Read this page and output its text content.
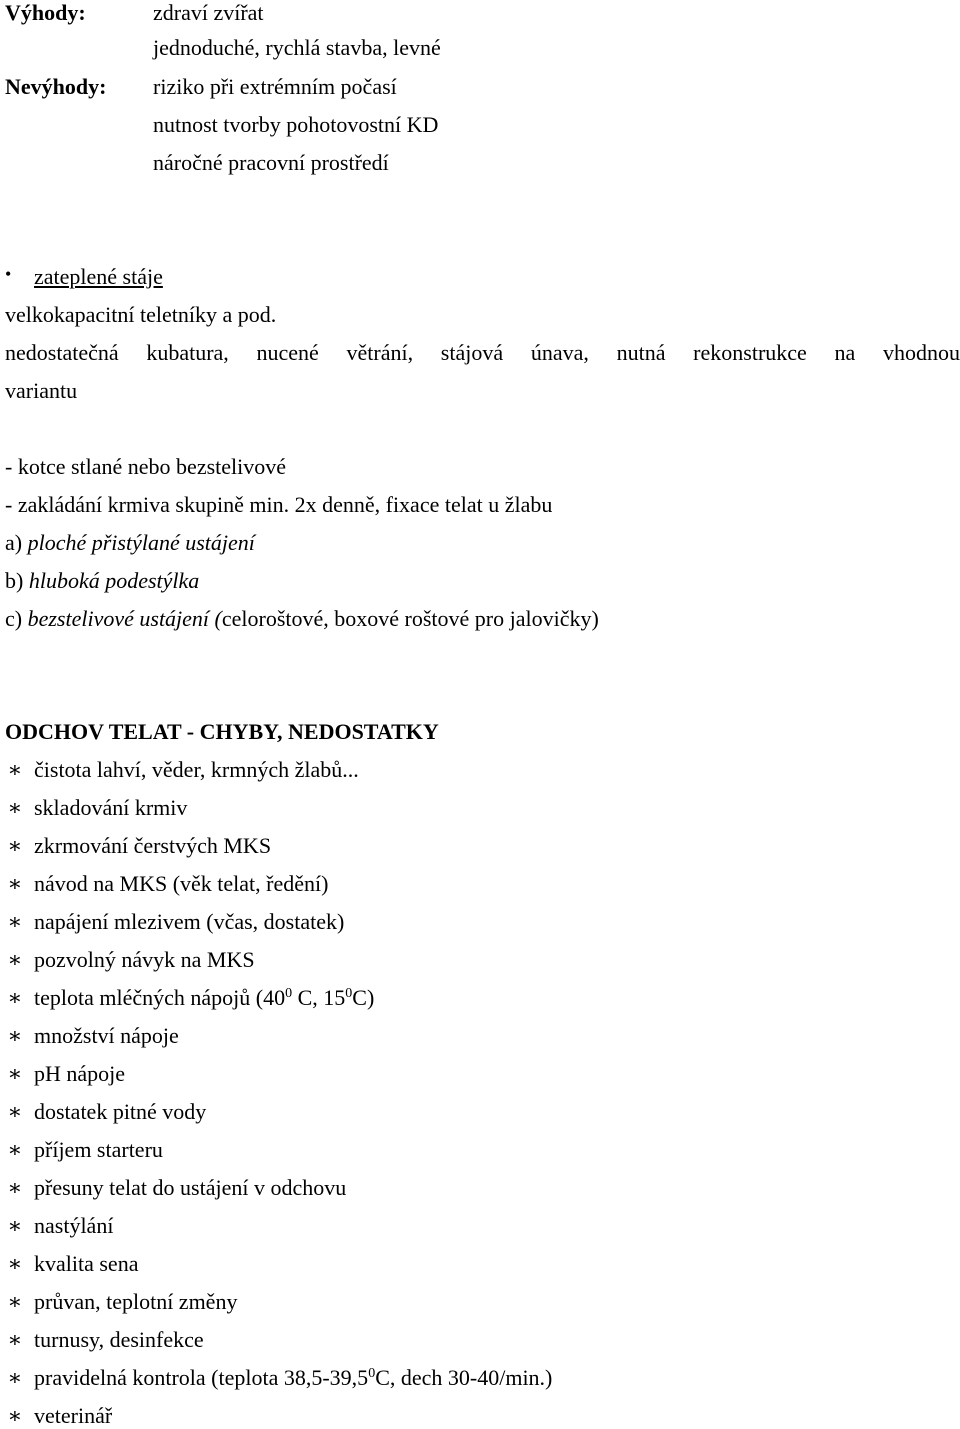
Výhody:	zdraví zvířat
jednoduché, rychlá stavba, levné
Nevýhody: riziko při extrémním počasí
nutnost tvorby pohotovostní KD
náročné pracovní prostředí
• zateplené stáje
velkokapacitní teletníky a pod.
nedostatečná kubatura, nucené větrání, stájová únava, nutná rekonstrukce na vhodnou
variantu
- kotce stlané nebo bezstelivové
- zakládání krmiva skupině min. 2x denně, fixace telat u žlabu
a) ploché přistýlané ustájení
b) hluboká podestýlka
c) bezstelivové ustájení (celoroštové, boxové roštové pro jalovičky)
ODCHOV TELAT - CHYBY, NEDOSTATKY
∗ čistota lahví, věder, krmných žlabů...
∗ skladování krmiv
∗ zkrmování čerstvých MKS
∗ návod na MKS (věk telat, ředění)
∗ napájení mlezivem (včas, dostatek)
∗ pozvolný návyk na MKS
∗ teplota mléčných nápojů ($40^0$ C, $15^0C$)
∗ množství nápoje
∗ pH nápoje
∗ dostatek pitné vody
∗ příjem starteru
∗ přesuny telat do ustájení v odchovu
∗ nastýlání
∗ kvalita sena
∗ průvan, teplotní změny
∗ turnusy, desinfekce
∗ pravidelná kontrola (teplota 38,5-39,5$^0$C, dech 30-40/min.)
∗ veterinář
